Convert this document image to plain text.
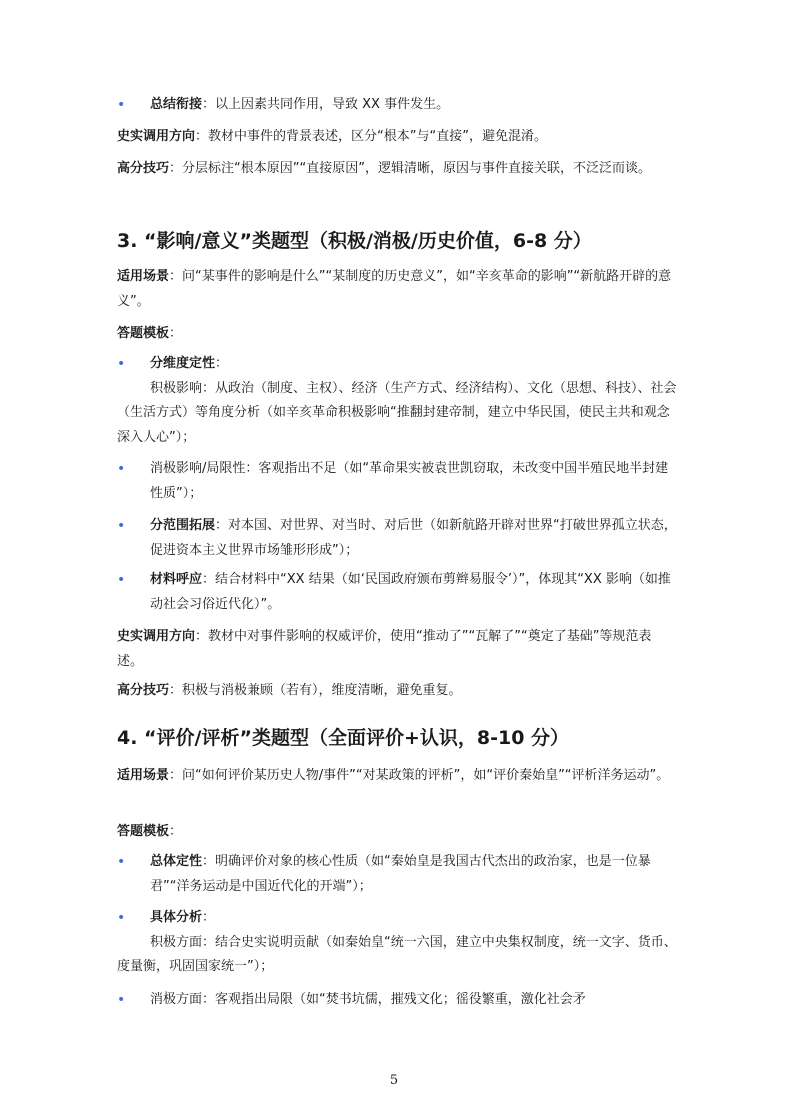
• 总结衔接：以上因素共同作用，导致 XX 事件发生。
史实调用方向：教材中事件的背景表述，区分“根本”与“直接”，避免混淆。
高分技巧：分层标注“根本原因”“直接原因”，逻辑清晰，原因与事件直接关联，不泛泛而谈。
3. “影响/意义”类题型（积极/消极/历史价值，6-8 分）
适用场景：问“某事件的影响是什么”“某制度的历史意义”，如“辛亥革命的影响”“新航路开辟的意义”。
答题模板：
• 分维度定性：
积极影响：从政治（制度、主权）、经济（生产方式、经济结构）、文化（思想、科技）、社会（生活方式）等角度分析（如辛亥革命积极影响“推翻封建帝制，建立中华民国，使民主共和观念深入人心”）；
• 消极影响/局限性：客观指出不足（如“革命果实被袁世凯窃取，未改变中国半殖民地半封建性质”）；
• 分范围拓展：对本国、对世界、对当时、对后世（如新航路开辟对世界“打破世界孤立状态，促进资本主义世界市场雏形形成”）；
• 材料呼应：结合材料中“XX 结果（如‘民国政府颁布剪辫易服令’）”，体现其“XX 影响（如推动社会习俗近代化）”。
史实调用方向：教材中对事件影响的权威评价，使用“推动了”“瓦解了”“奠定了基础”等规范表述。
高分技巧：积极与消极兼顾（若有），维度清晰，避免重复。
4. “评价/评析”类题型（全面评价+认识，8-10 分）
适用场景：问“如何评价某历史人物/事件”“对某政策的评析”，如“评价秦始皇”“评析洋务运动”。
答题模板：
• 总体定性：明确评价对象的核心性质（如“秦始皇是我国古代杰出的政治家，也是一位暴君”“洋务运动是中国近代化的开端”）；
• 具体分析：
积极方面：结合史实说明贡献（如秦始皇“统一六国，建立中央集权制度，统一文字、货币、度量衡，巩固国家统一”）；
• 消极方面：客观指出局限（如“焚书坑儒，摧残文化；徭役繁重，激化社会矛
5
